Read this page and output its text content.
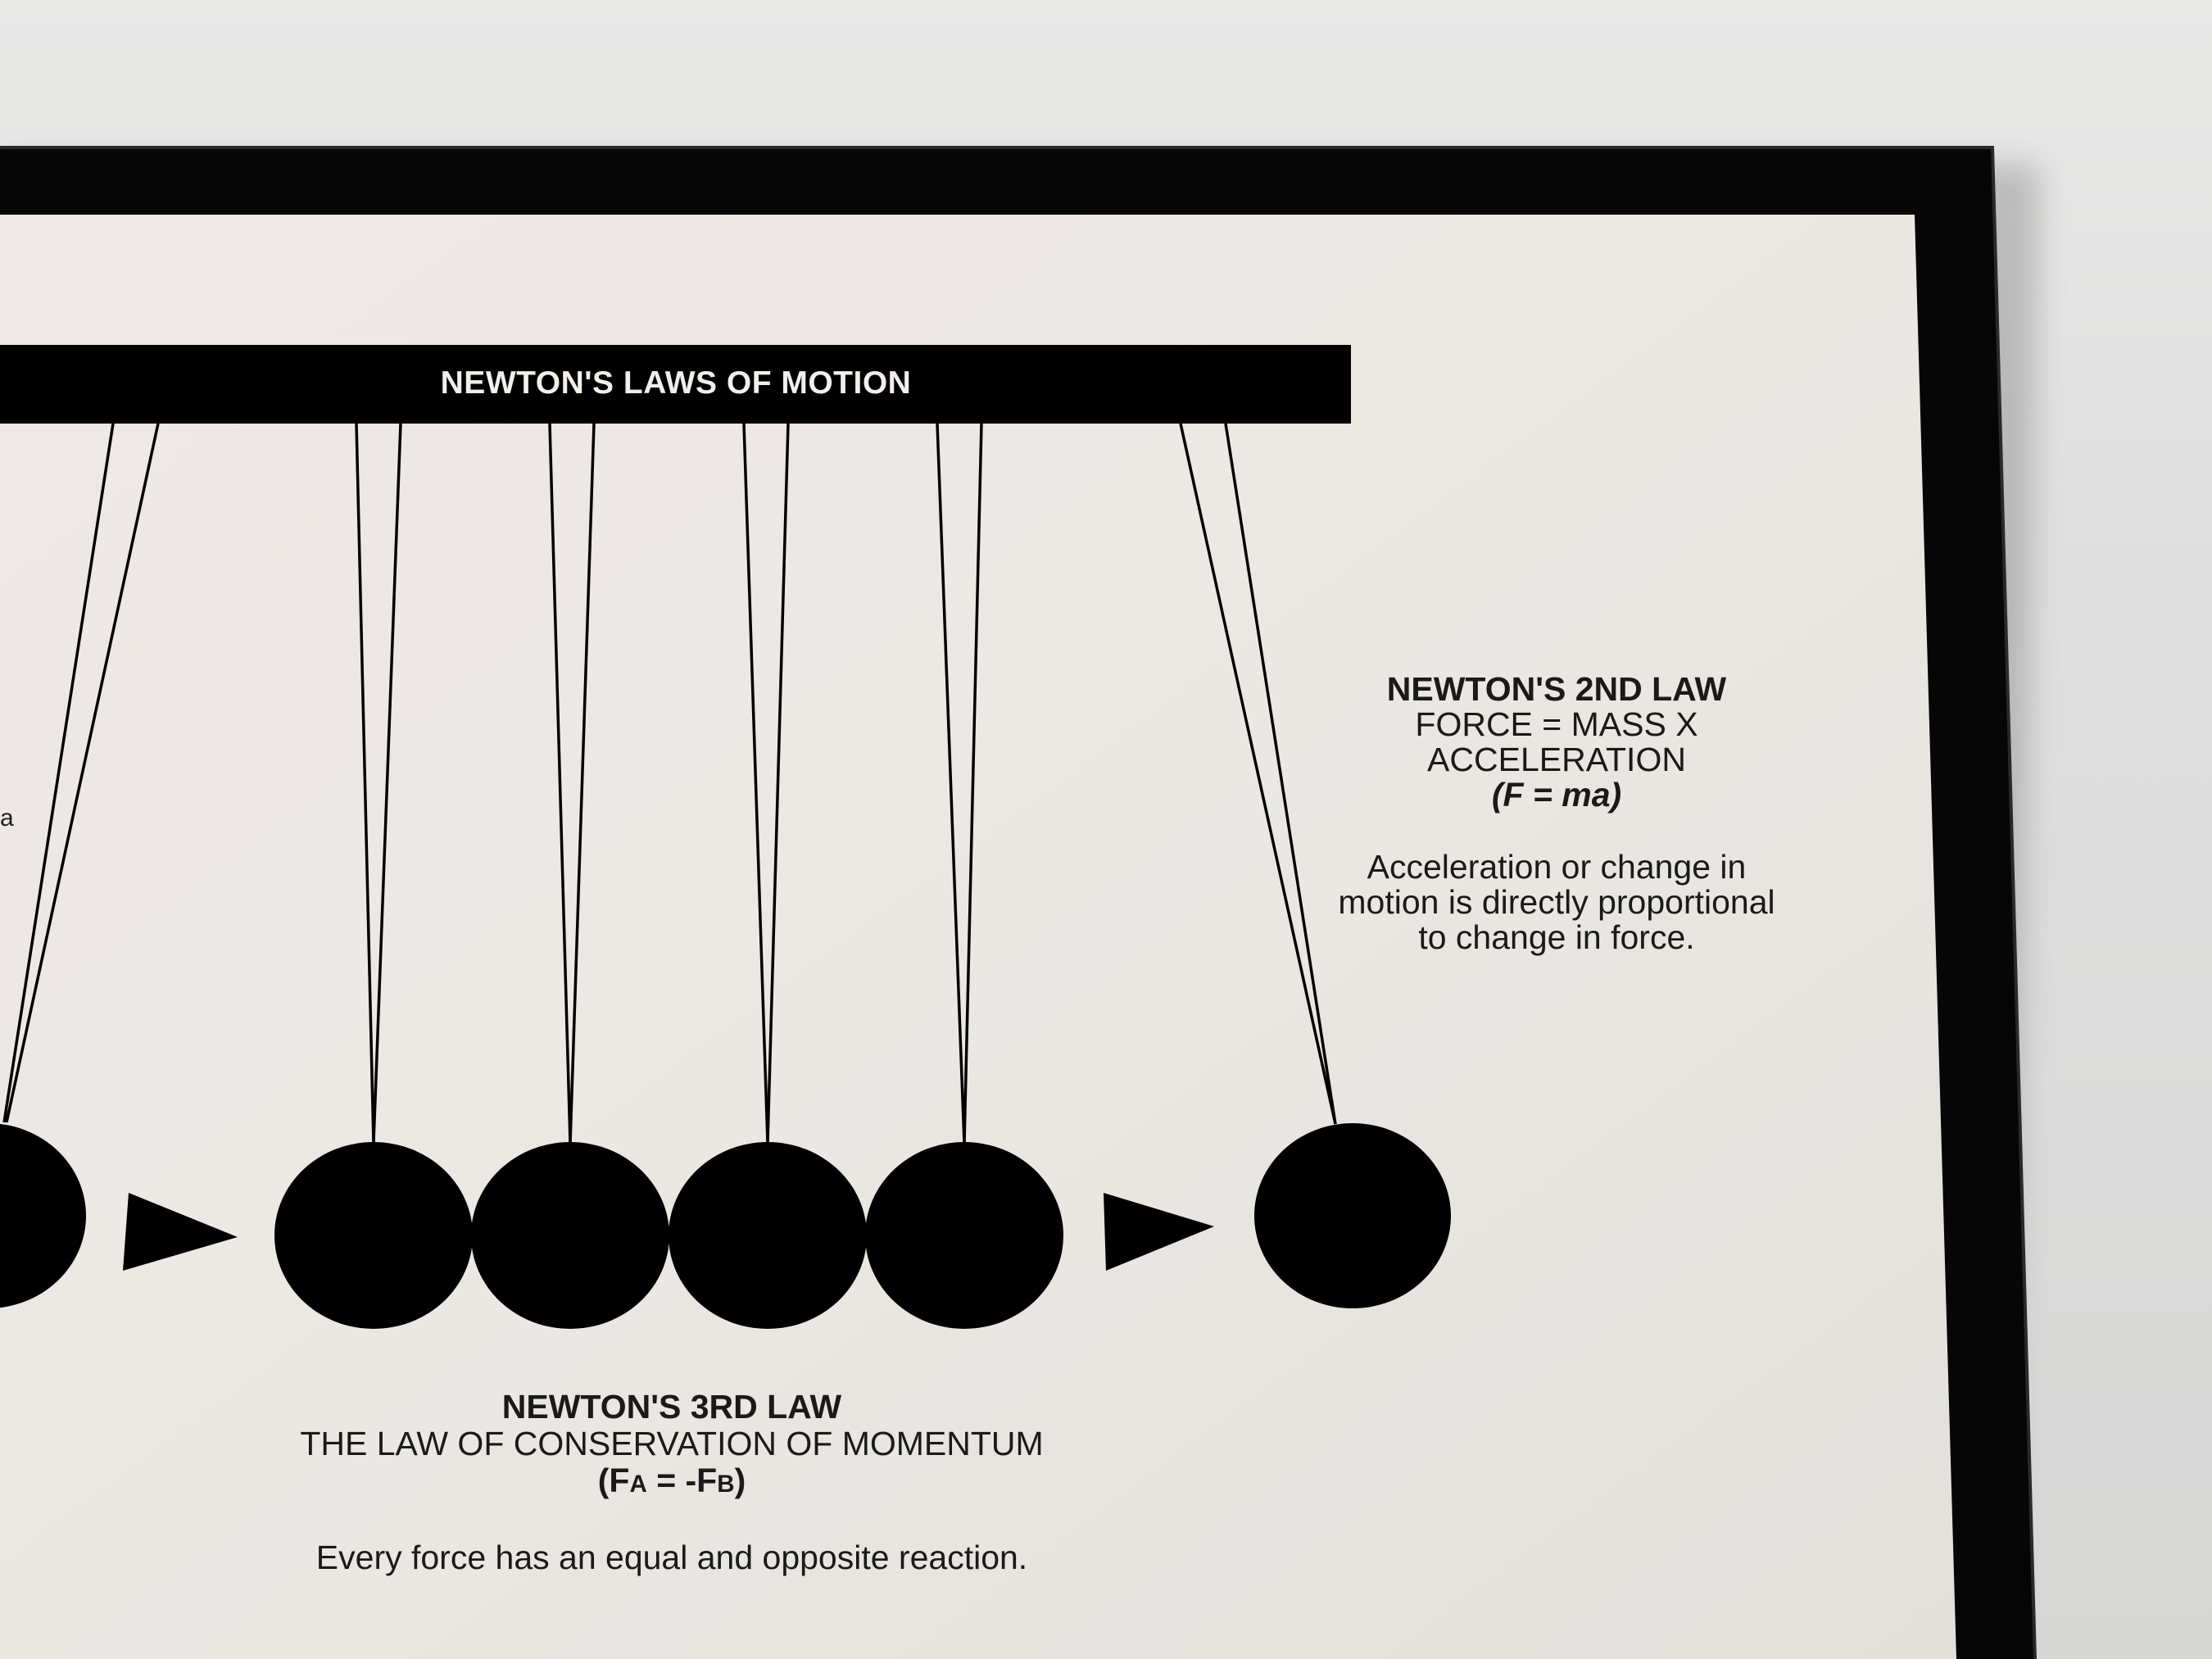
NEWTON'S LAWS OF MOTION
a
NEWTON'S 2ND LAW
FORCE = MASS X
ACCELERATION
(F = ma)
Acceleration or change in
motion is directly proportional
to change in force.
NEWTON'S 3RD LAW
THE LAW OF CONSERVATION OF MOMENTUM
(FA = -FB)
Every force has an equal and opposite reaction.
